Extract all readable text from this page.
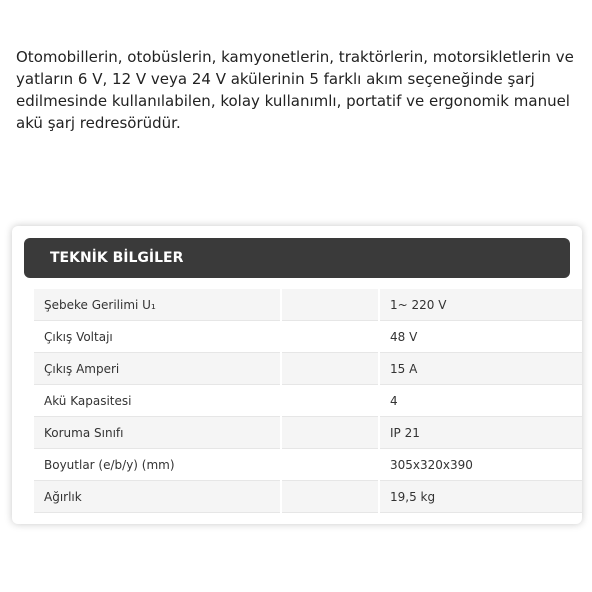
Otomobillerin, otobüslerin, kamyonetlerin, traktörlerin, motorsikletlerin ve yatların 6 V, 12 V veya 24 V akülerinin 5 farklı akım seçeneğinde şarj edilmesinde kullanılabilen, kolay kullanımlı, portatif ve ergonomik manuel akü şarj redresörüdür.

TEKNİK BİLGİLER
Şebeke Gerilimi U₁		1~ 220 V
Çıkış Voltajı		48 V
Çıkış Amperi		15 A
Akü Kapasitesi		4
Koruma Sınıfı		IP 21
Boyutlar (e/b/y) (mm)		305x320x390
Ağırlık		19,5 kg
